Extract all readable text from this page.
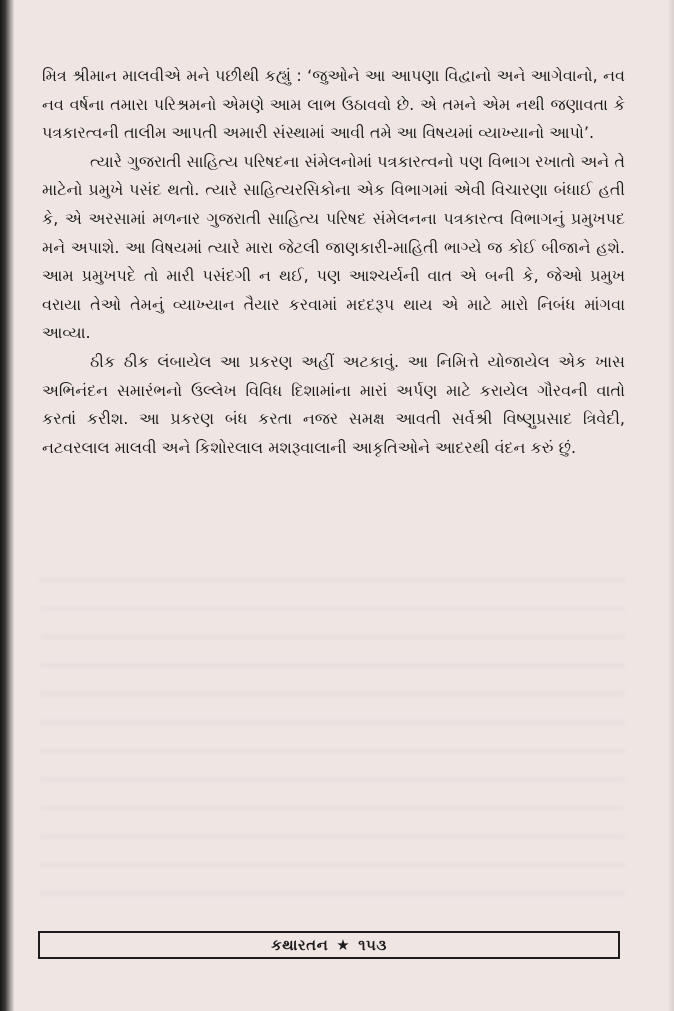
મિત્ર શ્રીમાન માલવીએ મને પછીથી કહ્યું : ‘જુઓને આ આપણા વિદ્વાનો અને આગેવાનો, નવ નવ વર્ષના તમારા પરિશ્રમનો એમણે આમ લાભ ઉઠાવવો છે. એ તમને એમ નથી જણાવતા કે પત્રકારત્વની તાલીમ આપતી અમારી સંસ્થામાં આવી તમે આ વિષયમાં વ્યાખ્યાનો આપો’.

ત્યારે ગુજરાતી સાહિત્ય પરિષદના સંમેલનોમાં પત્રકારત્વનો પણ વિભાગ રખાતો અને તે માટેનો પ્રમુખે પસંદ થતો. ત્યારે સાહિત્યરસિકોના એક વિભાગમાં એવી વિચારણા બંધાઈ હતી કે, એ અરસામાં મળનાર ગુજરાતી સાહિત્ય પરિષદ સંમેલનના પત્રકારત્વ વિભાગનું પ્રમુખપદ મને અપાશે. આ વિષયમાં ત્યારે મારા જેટલી જાણકારી-માહિતી ભાગ્યે જ કોઈ બીજાને હશે. આમ પ્રમુખપદે તો મારી પસંદગી ન થઈ, પણ આશ્ચર્યની વાત એ બની કે, જેઓ પ્રમુખ વરાયા તેઓ તેમનું વ્યાખ્યાન તૈયાર કરવામાં મદદરૂપ થાય એ માટે મારો નિબંધ માંગવા આવ્યા.

ઠીક ઠીક લંબાયેલ આ પ્રકરણ અહીં અટકાવું. આ નિમિત્તે યોજાયેલ એક ખાસ અભિનંદન સમારંભનો ઉલ્લેખ વિવિધ દિશામાંના મારાં અર્પણ માટે કરાયેલ ગૌરવની વાતો કરતાં કરીશ. આ પ્રકરણ બંધ કરતા નજર સમક્ષ આવતી સર્વશ્રી વિષ્ણુપ્રસાદ ત્રિવેદી, નટવરલાલ માલવી અને કિશોરલાલ મશરૂવાલાની આકૃતિઓને આદરથી વંદન કરું છું.

કથારતન ★ ૧૫૩
